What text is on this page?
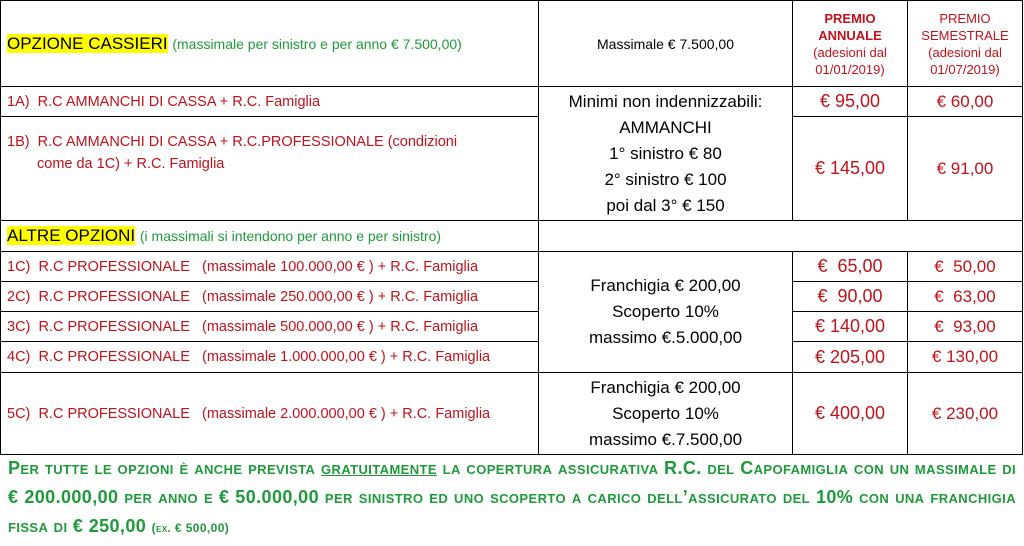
OPZIONE CASSIERI (massimale per sinistro e per anno € 7.500,00)	Massimale € 7.500,00	PREMIO
ANNUALE
(adesioni dal
01/01/2019)	PREMIO
SEMESTRALE
(adesioni dal
01/07/2019)
1A) R.C AMMANCHI DI CASSA + R.C. Famiglia	Minimi non indennizzabili:
AMMANCHI
1° sinistro € 80
2° sinistro € 100
poi dal 3° € 150	€ 95,00	€ 60,00
1B) R.C AMMANCHI DI CASSA + R.C.PROFESSIONALE (condizioni
come da 1C) + R.C. Famiglia		€ 145,00	€ 91,00
ALTRE OPZIONI (i massimali si intendono per anno e per sinistro)			
1C) R.C PROFESSIONALE   (massimale 100.000,00 € ) + R.C. Famiglia	Franchigia € 200,00
Scoperto 10%
massimo €.5.000,00	€  65,00	€  50,00
2C) R.C PROFESSIONALE   (massimale 250.000,00 € ) + R.C. Famiglia		€  90,00	€  63,00
3C) R.C PROFESSIONALE   (massimale 500.000,00 € ) + R.C. Famiglia		€ 140,00	€  93,00
4C) R.C PROFESSIONALE   (massimale 1.000.000,00 € ) + R.C. Famiglia		€ 205,00	€ 130,00
5C) R.C PROFESSIONALE   (massimale 2.000.000,00 € ) + R.C. Famiglia	Franchigia € 200,00
Scoperto 10%
massimo €.7.500,00	€ 400,00	€ 230,00
Per tutte le opzioni è anche prevista gratuitamente la copertura assicurativa R.C. del Capofamiglia con un massimale di € 200.000,00 per anno e € 50.000,00 per sinistro ed uno scoperto a carico dell’assicurato del 10% con una franchigia fissa di € 250,00 (ex. € 500,00)
